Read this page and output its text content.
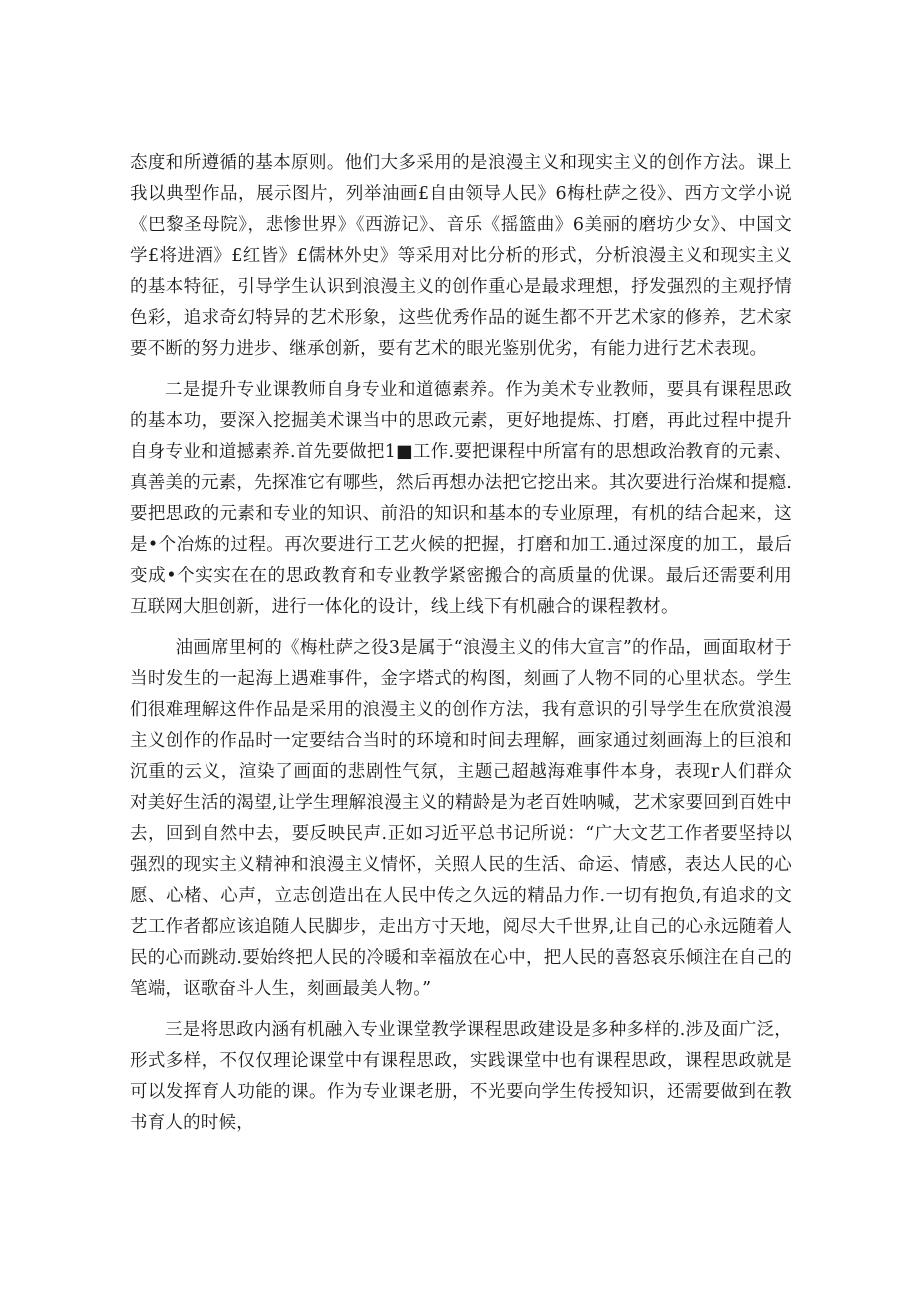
态度和所遵循的基本原则。他们大多采用的是浪漫主义和现实主义的创作方法。课上我以典型作品，展示图片，列举油画£自由领导人民》6梅杜萨之役》、西方文学小说《巴黎圣母院》，悲惨世界》《西游记》、音乐《摇篮曲》6美丽的磨坊少女》、中国文学£将进酒》£红皆》£儒林外史》等采用对比分析的形式，分析浪漫主义和现实主义的基本特征，引导学生认识到浪漫主义的创作重心是最求理想，抒发强烈的主观抒情色彩，追求奇幻特异的艺术形象，这些优秀作品的诞生都不开艺术家的修养，艺术家要不断的努力进步、继承创新，要有艺术的眼光鉴别优劣，有能力进行艺术表现。

二是提升专业课教师自身专业和道德素养。作为美术专业教师，要具有课程思政的基本功，要深入挖掘美术课当中的思政元素，更好地提炼、打磨，再此过程中提升自身专业和道撼素养.首先要做把1■工作.要把课程中所富有的思想政治教育的元素、真善美的元素，先探准它有哪些，然后再想办法把它挖出来。其次要进行治煤和提瘾.要把思政的元素和专业的知识、前沿的知识和基本的专业原理，有机的结合起来，这是•个冶炼的过程。再次要进行工艺火候的把握，打磨和加工.通过深度的加工，最后变成•个实实在在的思政教育和专业教学紧密搬合的高质量的优课。最后还需要利用互联网大胆创新，进行一体化的设计，线上线下有机融合的课程教材。

油画席里柯的《梅杜萨之役3是属于“浪漫主义的伟大宣言”的作品，画面取材于当时发生的一起海上遇难事件，金字塔式的构图，刻画了人物不同的心里状态。学生们很难理解这件作品是采用的浪漫主义的创作方法，我有意识的引导学生在欣赏浪漫主义创作的作品时一定要结合当时的环境和时间去理解，画家通过刻画海上的巨浪和沉重的云义，渲染了画面的悲剧性气氛，主题己超越海难事件本身，表现r人们群众对美好生活的渴望,让学生理解浪漫主义的精龄是为老百姓呐喊，艺术家要回到百姓中去，回到自然中去，要反映民声.正如习近平总书记所说：“广大文艺工作者要坚持以强烈的现实主义精神和浪漫主义情怀，关照人民的生活、命运、情感，表达人民的心愿、心楮、心声，立志创造出在人民中传之久远的精品力作.一切有抱负,有追求的文艺工作者都应该追随人民脚步，走出方寸天地，阅尽大千世界,让自己的心永远随着人民的心而跳动.要始终把人民的冷暖和幸福放在心中，把人民的喜怒哀乐倾注在自己的笔端，讴歌奋斗人生，刻画最美人物。”

三是将思政内涵有机融入专业课堂教学课程思政建设是多种多样的.涉及面广泛，形式多样，不仅仅理论课堂中有课程思政，实践课堂中也有课程思政，课程思政就是可以发挥育人功能的课。作为专业课老册，不光要向学生传授知识，还需要做到在教书育人的时候，
